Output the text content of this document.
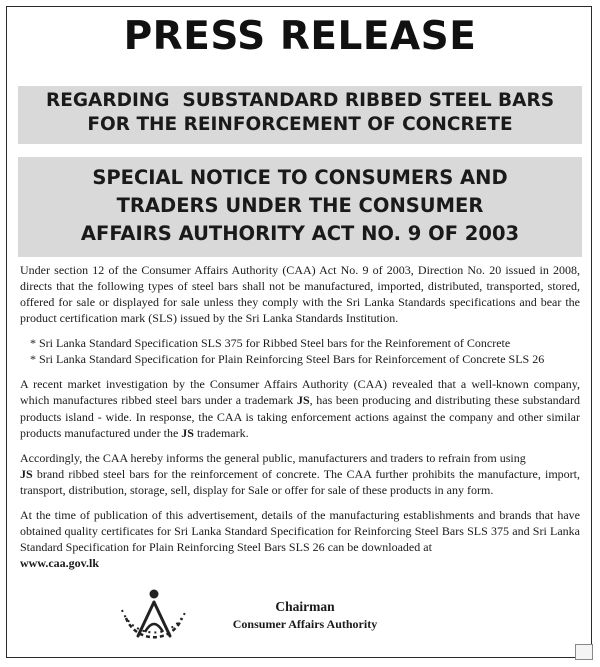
PRESS RELEASE

REGARDING  SUBSTANDARD RIBBED STEEL BARS

FOR THE REINFORCEMENT OF CONCRETE

SPECIAL NOTICE TO CONSUMERS AND

TRADERS UNDER THE CONSUMER

AFFAIRS AUTHORITY ACT NO. 9 OF 2003

Under section 12 of the Consumer Affairs Authority (CAA) Act No. 9 of 2003, Direction No. 20 issued in 2008, directs that the following types of steel bars shall not be manufactured, imported, distributed, transported, stored, offered for sale or displayed for sale unless they comply with the Sri Lanka Standards specifications and bear the product certification mark (SLS) issued by the Sri Lanka Standards Institution.

* Sri Lanka Standard Specification SLS 375 for Ribbed Steel bars for the Reinforement of Concrete
* Sri Lanka Standard Specification for Plain Reinforcing Steel Bars for Reinforcement of Concrete SLS 26

A recent market investigation by the Consumer Affairs Authority (CAA) revealed that a well-known company, which manufactures ribbed steel bars under a trademark JS, has been producing and distributing these substandard products island - wide. In response, the CAA is taking enforcement actions against the company and other similar products manufactured under the JS trademark.

Accordingly, the CAA hereby informs the general public, manufacturers and traders to refrain from using
JS brand ribbed steel bars for the reinforcement of concrete. The CAA further prohibits the manufacture, import, transport, distribution, storage, sell, display for Sale or offer for sale of these products in any form.

At the time of publication of this advertisement, details of the manufacturing establishments and brands that have obtained quality certificates for Sri Lanka Standard Specification for Reinforcing Steel Bars SLS 375 and Sri Lanka Standard Specification for Plain Reinforcing Steel Bars SLS 26 can be downloaded at
www.caa.gov.lk

Chairman
Consumer Affairs Authority
